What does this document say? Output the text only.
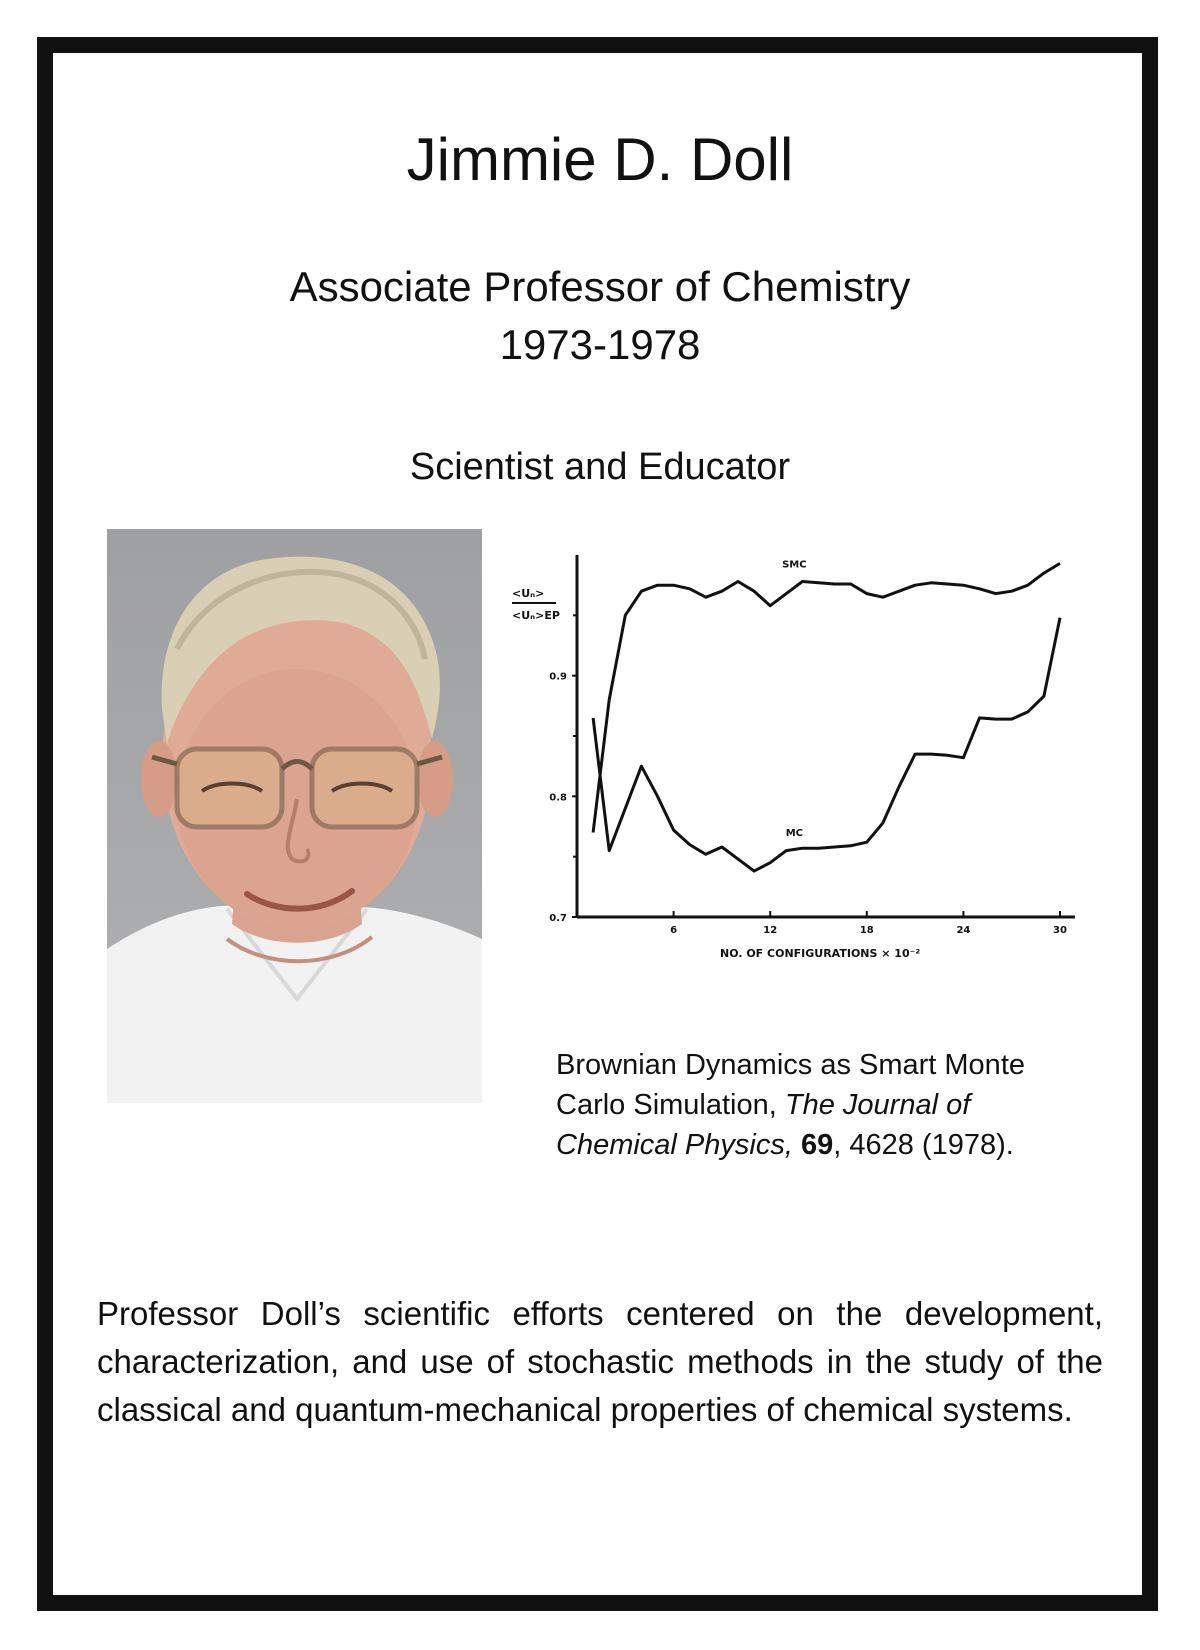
Jimmie D. Doll
Associate Professor of Chemistry
1973-1978
Scientist and Educator
<Uₙ>
<Uₙ>EP
0.7
0.8
0.9
6	12	18	24	30
SMC
MC
NO. OF CONFIGURATIONS × 10⁻²
Brownian Dynamics as Smart Monte Carlo Simulation, The Journal of Chemical Physics, 69, 4628 (1978).
Professor Doll’s scientific efforts centered on the development, characterization, and use of stochastic methods in the study of the classical and quantum-mechanical properties of chemical systems.
